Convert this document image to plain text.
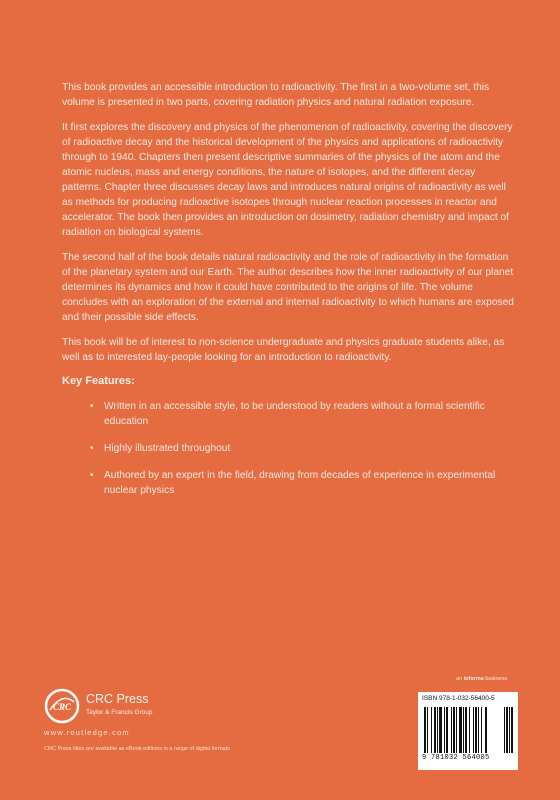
This book provides an accessible introduction to radioactivity. The first in a two-volume set, this volume is presented in two parts, covering radiation physics and natural radiation exposure.

It first explores the discovery and physics of the phenomenon of radioactivity, covering the discovery of radioactive decay and the historical development of the physics and applications of radioactivity through to 1940. Chapters then present descriptive summaries of the physics of the atom and the atomic nucleus, mass and energy conditions, the nature of isotopes, and the different decay patterns. Chapter three discusses decay laws and introduces natural origins of radioactivity as well as methods for producing radioactive isotopes through nuclear reaction processes in reactor and accelerator. The book then provides an introduction on dosimetry, radiation chemistry and impact of radiation on biological systems.

The second half of the book details natural radioactivity and the role of radioactivity in the formation of the planetary system and our Earth. The author describes how the inner radioactivity of our planet determines its dynamics and how it could have contributed to the origins of life. The volume concludes with an exploration of the external and internal radioactivity to which humans are exposed and their possible side effects.

This book will be of interest to non-science undergraduate and physics graduate students alike, as well as to interested lay-people looking for an introduction to radioactivity.

Key Features:
• Written in an accessible style, to be understood by readers without a formal scientific education
• Highly illustrated throughout
• Authored by an expert in the field, drawing from decades of experience in experimental nuclear physics
CRC
CRC Press
Taylor & Francis Group
www.routledge.com
CRC Press titles are available as eBook editions in a range of digital formats
an informa business
ISBN 978-1-032-56400-5
9 781032 564005
